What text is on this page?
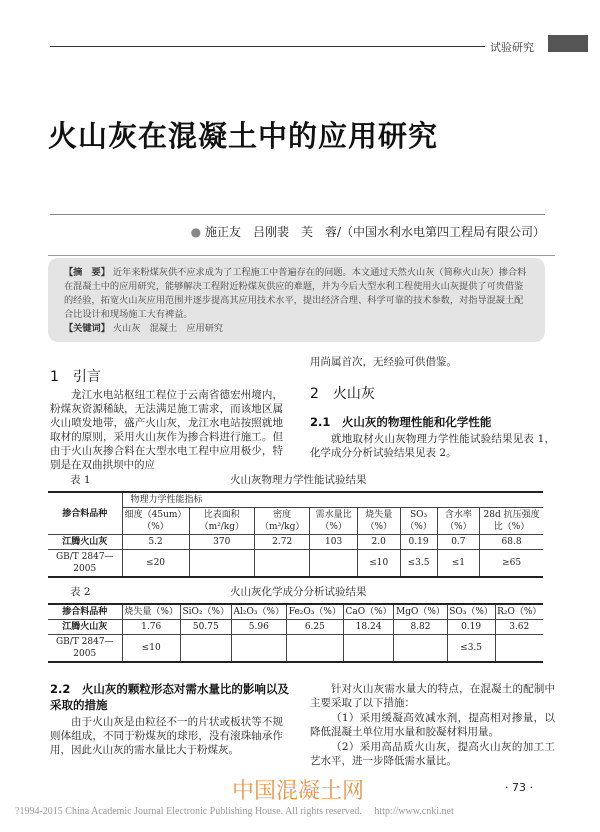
试验研究
火山灰在混凝土中的应用研究
● 施正友　吕刚裴　芙　蓉/（中国水利水电第四工程局有限公司）
【摘　要】 近年来粉煤灰供不应求成为了工程施工中普遍存在的问题。本文通过天然火山灰（简称火山灰）掺合料在混凝土中的应用研究，能够解决工程附近粉煤灰供应的难题，并为今后大型水利工程使用火山灰提供了可贵借鉴的经验，拓宽火山灰应用范围并逐步提高其应用技术水平，提出经济合理、科学可靠的技术参数，对指导混凝土配合比设计和现场施工大有裨益。
【关键词】 火山灰　混凝土　应用研究
1　引言
龙江水电站枢纽工程位于云南省德宏州境内，粉煤灰资源稀缺，无法满足施工需求，而该地区属火山喷发地带，盛产火山灰，龙江水电站按照就地取材的原则，采用火山灰作为掺合料进行施工。但由于火山灰掺合料在大型水电工程中应用极少，特别是在双曲拱坝中的应
用尚属首次，无经验可供借鉴。
2　火山灰
2.1　火山灰的物理性能和化学性能
就地取材火山灰物理力学性能试验结果见表 1，化学成分分析试验结果见表 2。
表 1	火山灰物理力学性能试验结果
掺合料品种	物理力学性能指标							
	细度（45um）（%）	比表面积（m²/kg）	密度（m³/kg）	需水量比（%）	烧失量（%）	SO₃（%）	含水率（%）	28d 抗压强度比（%）
江腾火山灰	5.2	370	2.72	103	2.0	0.19	0.7	68.8
GB/T 2847—2005	≤20				≤10	≤3.5	≤1	≥65
表 2	火山灰化学成分分析试验结果
掺合料品种	烧失量（%）	SiO₂（%）	Al₂O₃（%）	Fe₂O₃（%）	CaO（%）	MgO（%）	SO₃（%）	R₂O（%）
江腾火山灰	1.76	50.75	5.96	6.25	18.24	8.82	0.19	3.62
GB/T 2847—2005	≤10						≤3.5	
2.2　火山灰的颗粒形态对需水量比的影响以及采取的措施
由于火山灰是由粒径不一的片状或板状等不规则体组成，不同于粉煤灰的球形，没有滚珠轴承作用，因此火山灰的需水量比大于粉煤灰。
针对火山灰需水量大的特点，在混凝土的配制中主要采取了以下措施：
（1）采用缓凝高效减水剂，提高相对掺量，以降低混凝土单位用水量和胶凝材料用量。
（2）采用高品质火山灰，提高火山灰的加工工艺水平，进一步降低需水量比。
中国混凝土网	· 73 ·
?1994-2015 China Academic Journal Electronic Publishing House. All rights reserved.　 http://www.cnki.net
